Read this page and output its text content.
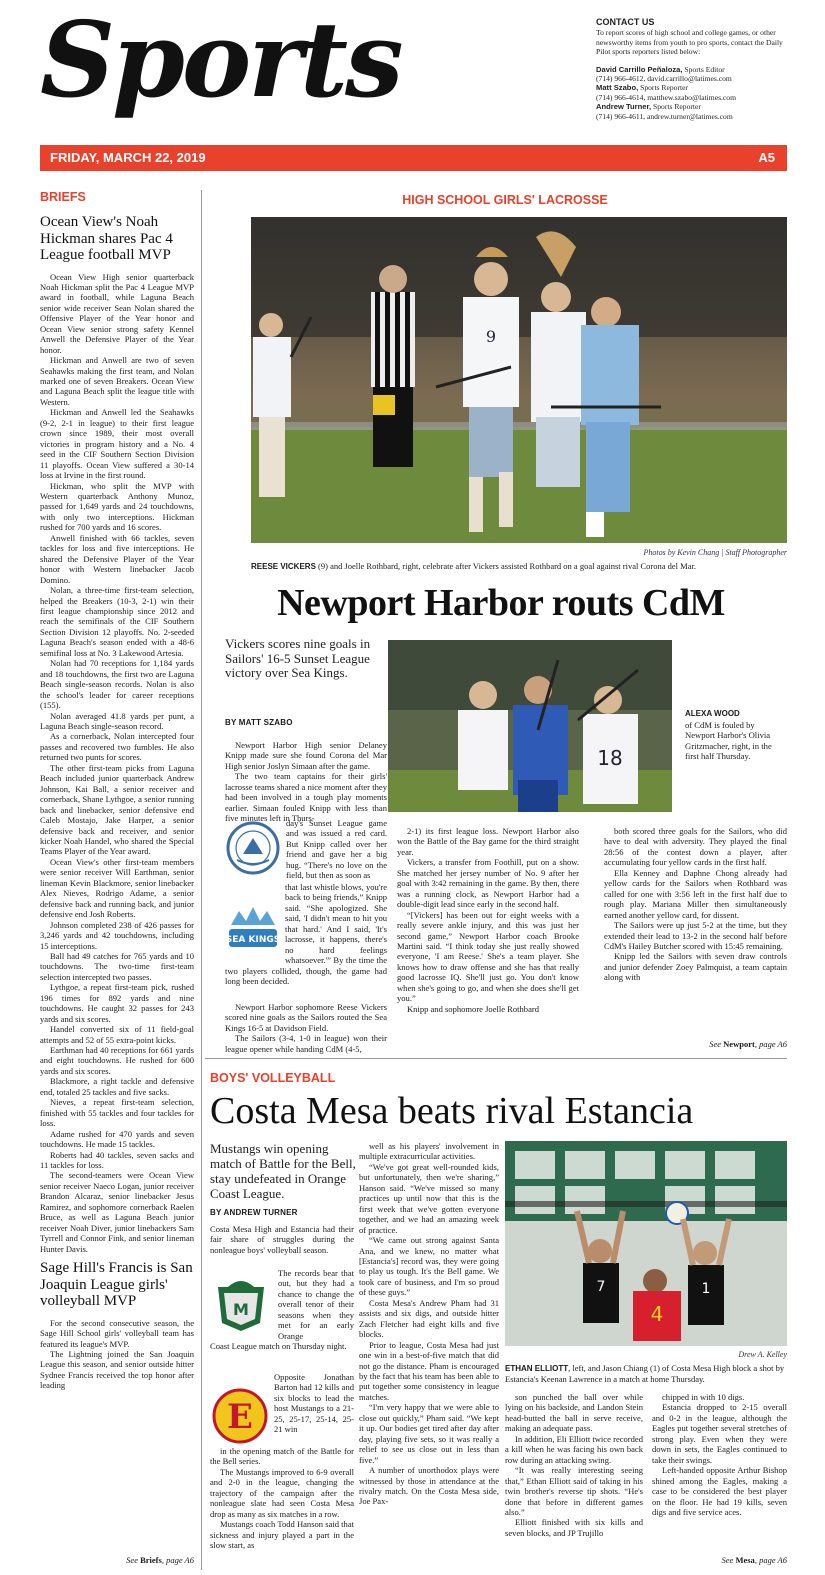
Sports	CONTACT US
To report scores of high school and college games, or other newsworthy items from youth to pro sports, contact the Daily Pilot sports reporters listed below:
David Carrillo Peñaloza, Sports Editor
(714) 966-4612, david.carrillo@latimes.com
Matt Szabo, Sports Reporter
(714) 966-4614, matthew.szabo@latimes.com
Andrew Turner, Sports Reporter
(714) 966-4611, andrew.turner@latimes.com
FRIDAY, MARCH 22, 2019	A5
BRIEFS
Ocean View's Noah Hickman shares Pac 4 League football MVP

Ocean View High senior quarterback Noah Hickman split the Pac 4 League MVP award in football, while Laguna Beach senior wide receiver Sean Nolan shared the Offensive Player of the Year honor and Ocean View senior strong safety Kennel Anwell the Defensive Player of the Year honor.

Hickman and Anwell are two of seven Seahawks making the first team, and Nolan marked one of seven Breakers. Ocean View and Laguna Beach split the league title with Western.

Hickman and Anwell led the Seahawks (9-2, 2-1 in league) to their first league crown since 1989, their most overall victories in program history and a No. 4 seed in the CIF Southern Section Division 11 playoffs. Ocean View suffered a 30-14 loss at Irvine in the first round.

Hickman, who split the MVP with Western quarterback Anthony Munoz, passed for 1,649 yards and 24 touchdowns, with only two interceptions. Hickman rushed for 700 yards and 16 scores.

Anwell finished with 66 tackles, seven tackles for loss and five interceptions. He shared the Defensive Player of the Year honor with Western linebacker Jacob Domino.

Nolan, a three-time first-team selection, helped the Breakers (10-3, 2-1) win their first league championship since 2012 and reach the semifinals of the CIF Southern Section Division 12 playoffs. No. 2-seeded Laguna Beach's season ended with a 48-6 semifinal loss at No. 3 Lakewood Artesia.

Nolan had 70 receptions for 1,184 yards and 18 touchdowns, the first two are Laguna Beach single-season records. Nolan is also the school's leader for career receptions (155).

Nolan averaged 41.8 yards per punt, a Laguna Beach single-season record.

As a cornerback, Nolan intercepted four passes and recovered two fumbles. He also returned two punts for scores.

The other first-team picks from Laguna Beach included junior quarterback Andrew Johnson, Kai Ball, a senior receiver and cornerback, Shane Lythgoe, a senior running back and linebacker, senior defensive end Caleb Mostajo, Jake Harper, a senior defensive back and receiver, and senior kicker Noah Handel, who shared the Special Teams Player of the Year award.

Ocean View's other first-team members were senior receiver Will Earthman, senior lineman Kevin Blackmore, senior linebacker Alex Nieves, Rodrigo Adame, a senior defensive back and running back, and junior defensive end Josh Roberts.

Johnson completed 238 of 426 passes for 3,246 yards and 42 touchdowns, including 15 interceptions.

Ball had 49 catches for 765 yards and 10 touchdowns. The two-time first-team selection intercepted two passes.

Lythgoe, a repeat first-team pick, rushed 196 times for 892 yards and nine touchdowns. He caught 32 passes for 243 yards and six scores.

Handel converted six of 11 field-goal attempts and 52 of 55 extra-point kicks.

Earthman had 40 receptions for 661 yards and eight touchdowns. He rushed for 600 yards and six scores.

Blackmore, a right tackle and defensive end, totaled 25 tackles and five sacks.

Nieves, a repeat first-team selection, finished with 55 tackles and four tackles for loss.

Adame rushed for 470 yards and seven touchdowns. He made 15 tackles.

Roberts had 40 tackles, seven sacks and 11 tackles for loss.

The second-teamers were Ocean View senior receiver Naeco Logan, junior receiver Brandon Alcaraz, senior linebacker Jesus Ramirez, and sophomore cornerback Raelen Bruce, as well as Laguna Beach junior receiver Noah Diver, junior linebackers Sam Tyrrell and Connor Fink, and senior lineman Hunter Davis.

Sage Hill's Francis is San Joaquin League girls' volleyball MVP

For the second consecutive season, the Sage Hill School girls' volleyball team has featured its league's MVP.

The Lightning joined the San Joaquin League this season, and senior outside hitter Sydnee Francis received the top honor after leading

See Briefs, page A6
HIGH SCHOOL GIRLS' LACROSSE
9
Photos by Kevin Chang | Staff Photographer
REESE VICKERS (9) and Joelle Rothbard, right, celebrate after Vickers assisted Rothbard on a goal against rival Corona del Mar.
Newport Harbor routs CdM
Vickers scores nine goals in Sailors' 16-5 Sunset League victory over Sea Kings.
BY MATT SZABO
18
ALEXA WOOD
of CdM is fouled by Newport Harbor's Olivia Gritzmacher, right, in the first half Thursday.

Newport Harbor High senior Delaney Knipp made sure she found Corona del Mar High senior Joslyn Simaan after the game.

The two team captains for their girls' lacrosse teams shared a nice moment after they had been involved in a tough play moments earlier. Simaan fouled Knipp with less than five minutes left in Thurs-

day's Sunset League game and was issued a red card. But Knipp called over her friend and gave her a big hug. “There's no love on the field, but then as soon as
SEA KINGS
that last whistle blows, you're back to being friends,” Knipp said. “She apologized. She said, 'I didn't mean to hit you that hard.' And I said, 'It's lacrosse, it happens, there's no hard feelings whatsoever.'” By the time the two players collided, though, the game had long been decided.

Newport Harbor sophomore Reese Vickers scored nine goals as the Sailors routed the Sea Kings 16-5 at Davidson Field.

The Sailors (3-4, 1-0 in league) won their league opener while handing CdM (4-5,

2-1) its first league loss. Newport Harbor also won the Battle of the Bay game for the third straight year.

Vickers, a transfer from Foothill, put on a show. She matched her jersey number of No. 9 after her goal with 3:42 remaining in the game. By then, there was a running clock, as Newport Harbor had a double-digit lead since early in the second half.

“[Vickers] has been out for eight weeks with a really severe ankle injury, and this was just her second game,” Newport Harbor coach Brooke Martini said. “I think today she just really showed everyone, 'I am Reese.' She's a team player. She knows how to draw offense and she has that really good lacrosse IQ. She'll just go. You don't know when she's going to go, and when she does she'll get you.”

Knipp and sophomore Joelle Rothbard

both scored three goals for the Sailors, who did have to deal with adversity. They played the final 28:56 of the contest down a player, after accumulating four yellow cards in the first half.

Ella Kenney and Daphne Chong already had yellow cards for the Sailors when Rothbard was called for one with 3:56 left in the first half due to rough play. Mariana Miller then simultaneously earned another yellow card, for dissent.

The Sailors were up just 5-2 at the time, but they extended their lead to 13-2 in the second half before CdM's Hailey Butcher scored with 15:45 remaining.

Knipp led the Sailors with seven draw controls and junior defender Zoey Palmquist, a team captain along with

See Newport, page A6
BOYS' VOLLEYBALL
Costa Mesa beats rival Estancia
Mustangs win opening match of Battle for the Bell, stay undefeated in Orange Coast League.
BY ANDREW TURNER
Costa Mesa High and Estancia had their fair share of struggles during the nonleague boys' volleyball season.
M
The records bear that out, but they had a chance to change the overall tenor of their seasons when they met for an early Orange
Coast League match on Thursday night.
E
Opposite Jonathan Barton had 12 kills and six blocks to lead the host Mustangs to a 21-25, 25-17, 25-14, 25-21 win

in the opening match of the Battle for the Bell series.

The Mustangs improved to 6-9 overall and 2-0 in the league, changing the trajectory of the campaign after the nonleague slate had seen Costa Mesa drop as many as six matches in a row.

Mustangs coach Todd Hanson said that sickness and injury played a part in the slow start, as

well as his players' involvement in multiple extracurricular activities.

“We've got great well-rounded kids, but unfortunately, then we're sharing,” Hanson said. “We've missed so many practices up until now that this is the first week that we've gotten everyone together, and we had an amazing week of practice.

“We came out strong against Santa Ana, and we knew, no matter what [Estancia's] record was, they were going to play us tough. It's the Bell game. We took care of business, and I'm so proud of these guys.”

Costa Mesa's Andrew Pham had 31 assists and six digs, and outside hitter Zach Fletcher had eight kills and five blocks.

Prior to league, Costa Mesa had just one win in a best-of-five match that did not go the distance. Pham is encouraged by the fact that his team has been able to put together some consistency in league matches.

“I'm very happy that we were able to close out quickly,” Pham said. “We kept it up. Our bodies get tired after day after day, playing five sets, so it was really a relief to see us close out in less than five.”

A number of unorthodox plays were witnessed by those in attendance at the rivalry match. On the Costa Mesa side, Joe Pax-

7
4
1
Drew A. Kelley
ETHAN ELLIOTT, left, and Jason Chiang (1) of Costa Mesa High block a shot by Estancia's Keenan Lawrence in a match at home Thursday.

son punched the ball over while lying on his backside, and Landon Stein head-butted the ball in serve receive, making an adequate pass.

In addition, Eli Elliott twice recorded a kill when he was facing his own back row during an attacking swing.

“It was really interesting seeing that,” Ethan Elliott said of taking in his twin brother's reverse tip shots. “He's done that before in different games also.”

Elliott finished with six kills and seven blocks, and JP Trujillo

chipped in with 10 digs.

Estancia dropped to 2-15 overall and 0-2 in the league, although the Eagles put together several stretches of strong play. Even when they were down in sets, the Eagles continued to take their swings.

Left-handed opposite Arthur Bishop shined among the Eagles, making a case to be considered the best player on the floor. He had 19 kills, seven digs and five service aces.

See Mesa, page A6
